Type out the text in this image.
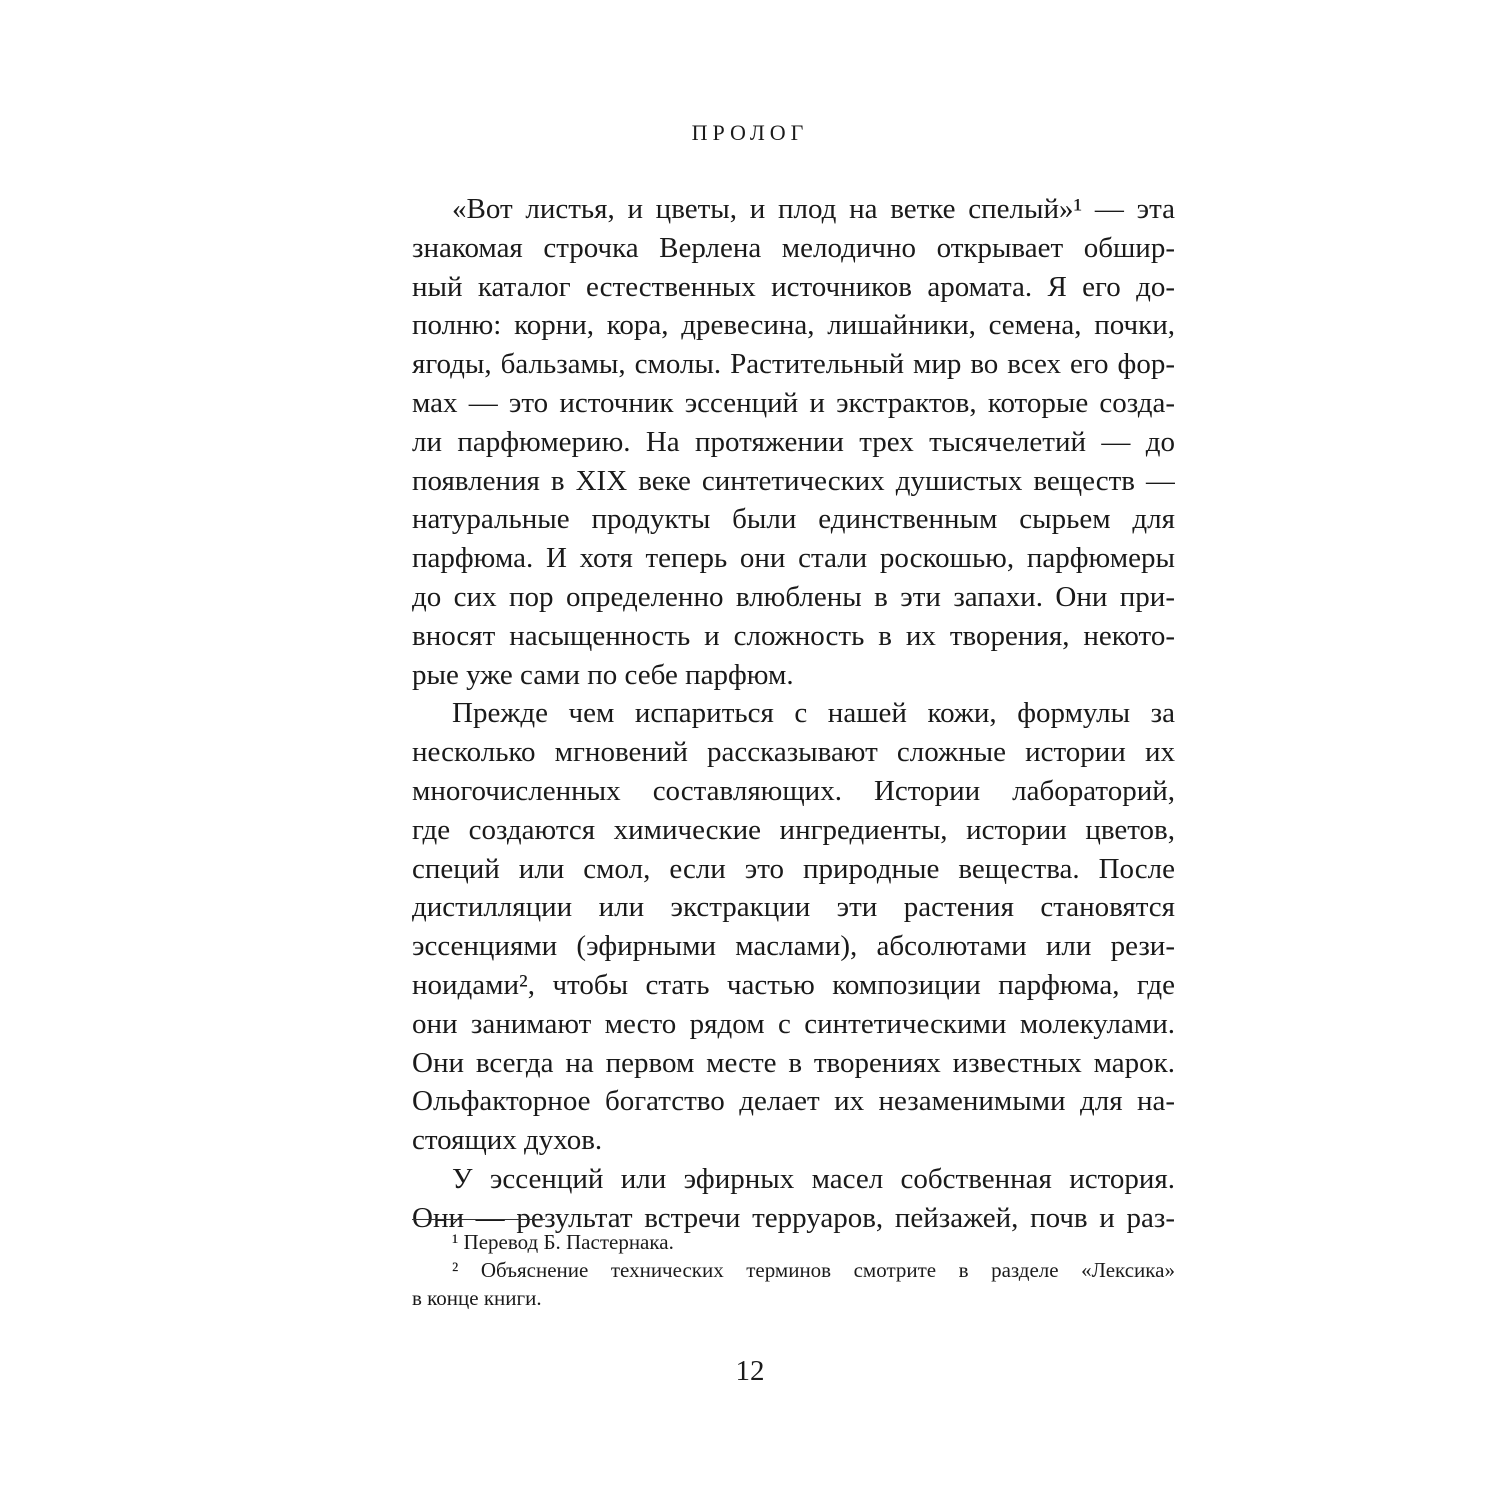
ПРОЛОГ
«Вот листья, и цветы, и плод на ветке спелый»¹ — эта
знакомая строчка Верлена мелодично открывает обшир-
ный каталог естественных источников аромата. Я его до-
полню: корни, кора, древесина, лишайники, семена, почки,
ягоды, бальзамы, смолы. Растительный мир во всех его фор-
мах — это источник эссенций и экстрактов, которые созда-
ли парфюмерию. На протяжении трех тысячелетий — до
появления в XIX веке синтетических душистых веществ —
натуральные продукты были единственным сырьем для
парфюма. И хотя теперь они стали роскошью, парфюмеры
до сих пор определенно влюблены в эти запахи. Они при-
вносят насыщенность и сложность в их творения, некото-
рые уже сами по себе парфюм.
Прежде чем испариться с нашей кожи, формулы за
несколько мгновений рассказывают сложные истории их
многочисленных составляющих. Истории лабораторий,
где создаются химические ингредиенты, истории цветов,
специй или смол, если это природные вещества. После
дистилляции или экстракции эти растения становятся
эссенциями (эфирными маслами), абсолютами или рези-
ноидами², чтобы стать частью композиции парфюма, где
они занимают место рядом с синтетическими молекулами.
Они всегда на первом месте в творениях известных марок.
Ольфакторное богатство делает их незаменимыми для на-
стоящих духов.
У эссенций или эфирных масел собственная история.
Они — результат встречи терруаров, пейзажей, почв и раз-
¹ Перевод Б. Пастернака.
² Объяснение технических терминов смотрите в разделе «Лексика»
в конце книги.
12
